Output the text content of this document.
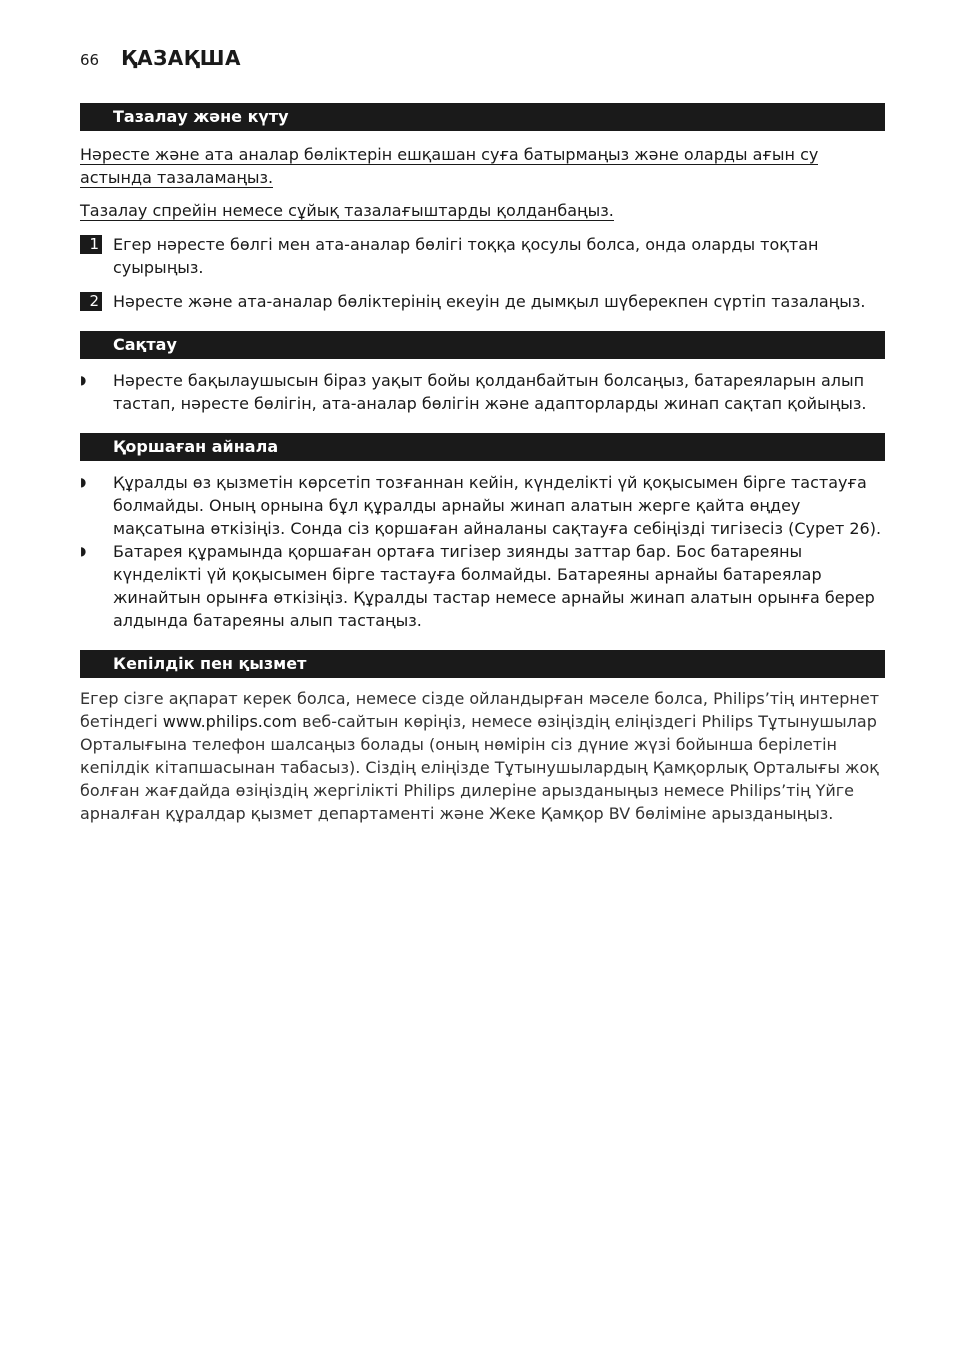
66 ҚАЗАҚША
Тазалау және күту
Нәресте және ата аналар бөліктерін ешқашан суға батырмаңыз және оларды ағын су
астында тазаламаңыз.
Тазалау спрейін немесе сұйық тазалағыштарды қолданбаңыз.
1 Егер нәресте бөлгі мен ата-аналар бөлігі тоққа қосулы болса, онда оларды тоқтан суырыңыз.
2 Нәресте және ата-аналар бөліктерінің екеуін де дымқыл шүберекпен сүртіп тазалаңыз.
Сақтау
◗	Нәресте бақылаушысын біраз уақыт бойы қолданбайтын болсаңыз, батареяларын алып тастап, нәресте бөлігін, ата-аналар бөлігін және адапторларды жинап сақтап қойыңыз.
Қоршаған айнала
◗	Құралды өз қызметін көрсетіп тозғаннан кейін, күнделікті үй қоқысымен бірге тастауға болмайды. Оның орнына бұл құралды арнайы жинап алатын жерге қайта өңдеу мақсатына өткізіңіз. Сонда сіз қоршаған айналаны сақтауға себіңізді тигізесіз (Сурет 26).
◗	Батарея құрамында қоршаған ортаға тигізер зиянды заттар бар. Бос батареяны күнделікті үй қоқысымен бірге тастауға болмайды. Батареяны арнайы батареялар жинайтын орынға өткізіңіз. Құралды тастар немесе арнайы жинап алатын орынға берер алдында батареяны алып тастаңыз.
Кепілдік пен қызмет
Егер сізге ақпарат керек болса, немесе сізде ойландырған мәселе болса, Philips’тің интернет бетіндегі www.philips.com веб-сайтын көріңіз, немесе өзіңіздің еліңіздегі Philips Тұтынушылар Орталығына телефон шалсаңыз болады (оның нөмірін сіз дүние жүзі бойынша берілетін кепілдік кітапшасынан табасыз). Сіздің еліңізде Тұтынушылардың Қамқорлық Орталығы жоқ болған жағдайда өзіңіздің жергілікті Philips дилеріне арызданыңыз немесе Philips’тің Үйге арналған құралдар қызмет департаменті және Жеке Қамқор BV бөліміне арызданыңыз.
